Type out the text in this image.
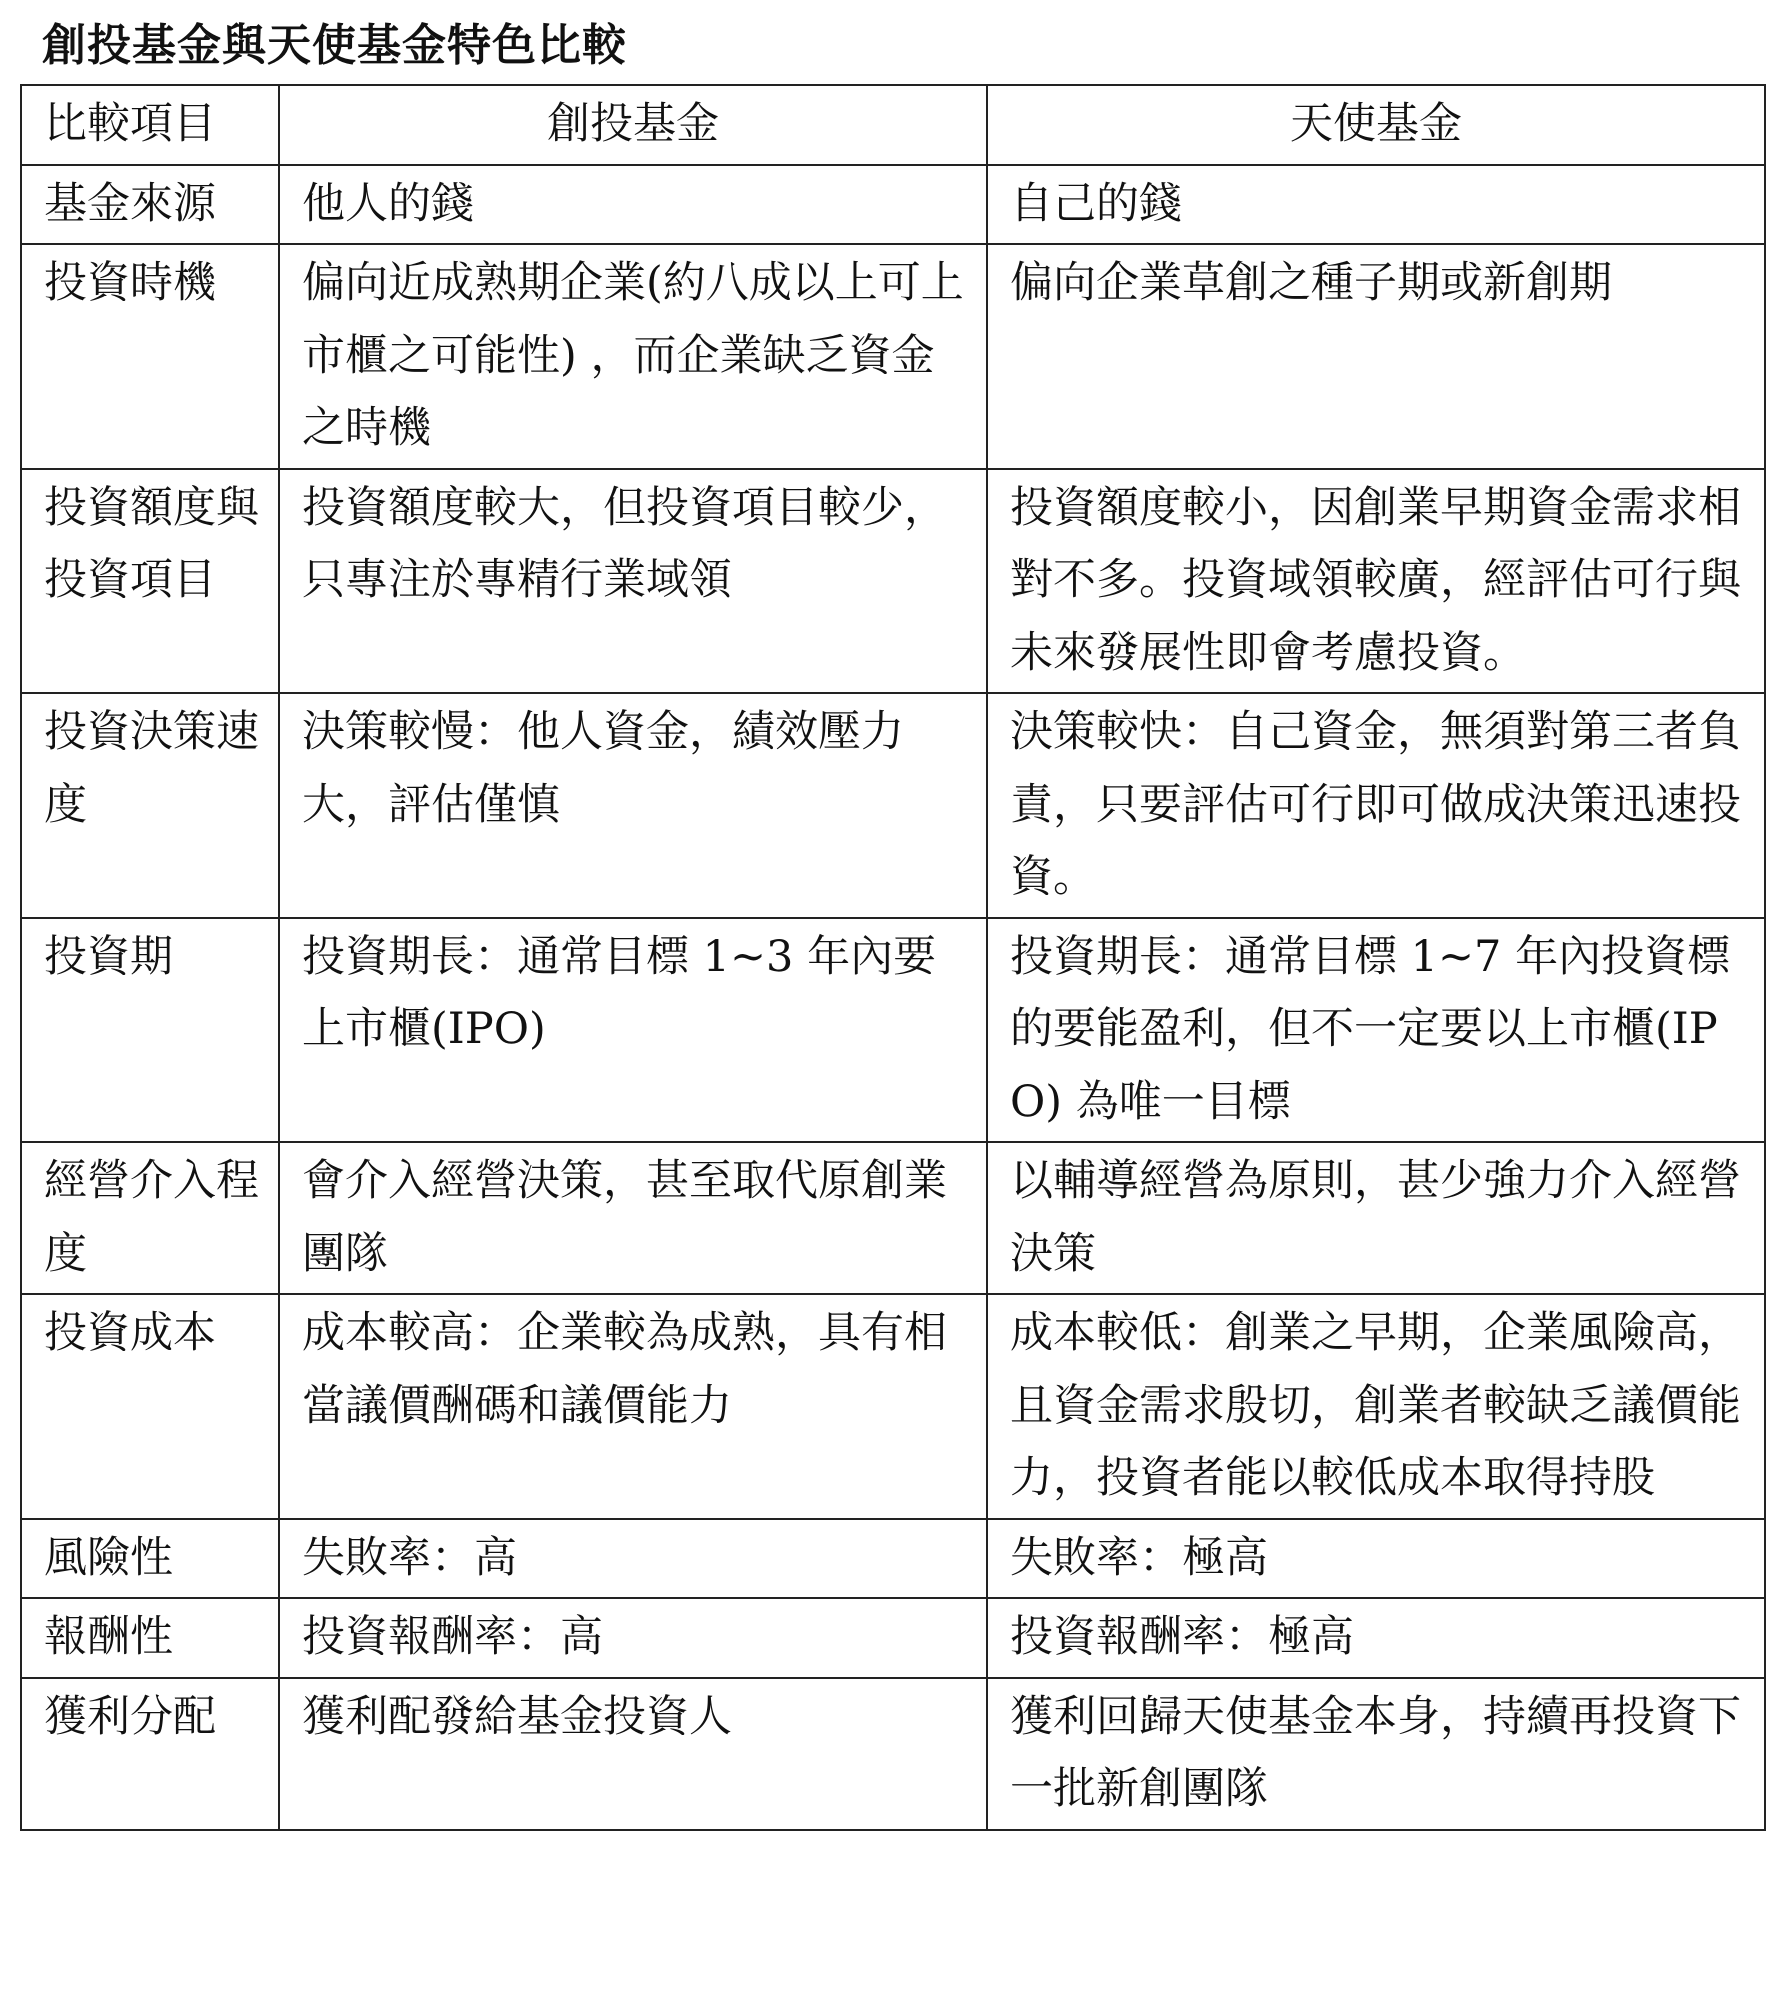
創投基金與天使基金特色比較
比較項目	創投基金	天使基金
基金來源	他人的錢	自己的錢
投資時機	偏向近成熟期企業(約八成以上可上市櫃之可能性) ，而企業缺乏資金之時機	偏向企業草創之種子期或新創期
投資額度與投資項目	投資額度較大，但投資項目較少，只專注於專精行業域領	投資額度較小，因創業早期資金需求相對不多。投資域領較廣，經評估可行與未來發展性即會考慮投資。
投資決策速度	決策較慢：他人資金，績效壓力大，評估僅慎	決策較快：自己資金，無須對第三者負責，只要評估可行即可做成決策迅速投資。
投資期	投資期長：通常目標 1~3 年內要上市櫃(IPO)	投資期長：通常目標 1~7 年內投資標的要能盈利，但不一定要以上市櫃(IPO) 為唯一目標
經營介入程度	會介入經營決策，甚至取代原創業團隊	以輔導經營為原則，甚少強力介入經營決策
投資成本	成本較高：企業較為成熟，具有相當議價酬碼和議價能力	成本較低：創業之早期，企業風險高，且資金需求殷切，創業者較缺乏議價能力，投資者能以較低成本取得持股
風險性	失敗率：高	失敗率：極高
報酬性	投資報酬率：高	投資報酬率：極高
獲利分配	獲利配發給基金投資人	獲利回歸天使基金本身，持續再投資下一批新創團隊
